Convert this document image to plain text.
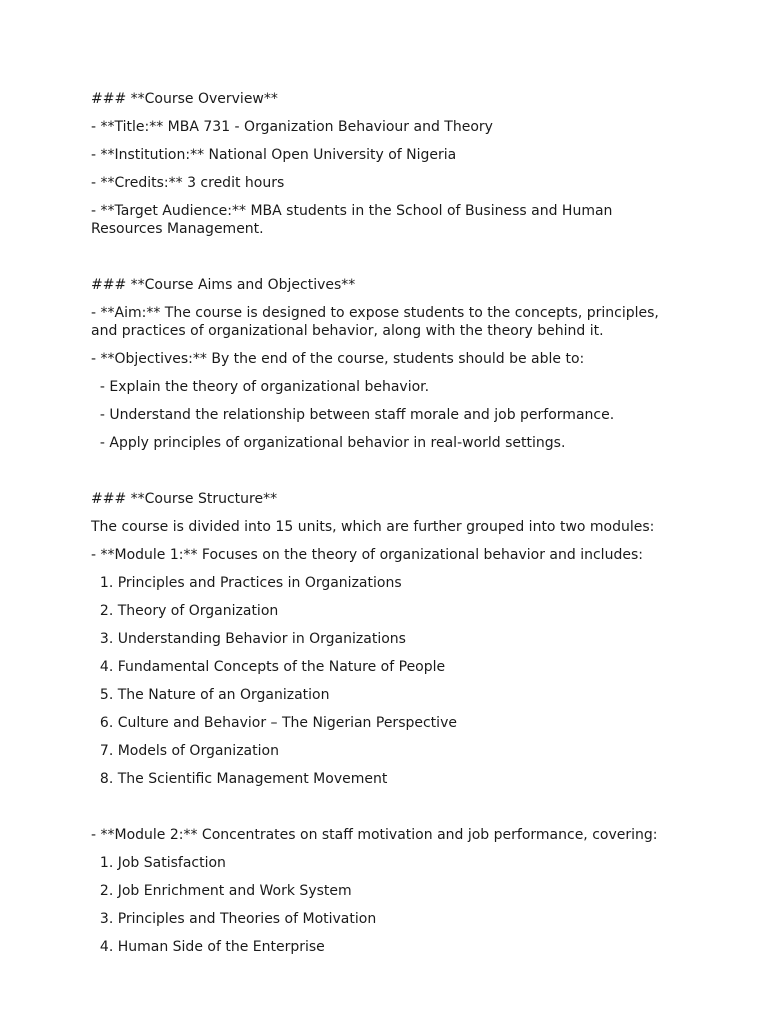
### **Course Overview**

- **Title:** MBA 731 - Organization Behaviour and Theory

- **Institution:** National Open University of Nigeria

- **Credits:** 3 credit hours

- **Target Audience:** MBA students in the School of Business and Human Resources Management.

### **Course Aims and Objectives**

- **Aim:** The course is designed to expose students to the concepts, principles, and practices of organizational behavior, along with the theory behind it.

- **Objectives:** By the end of the course, students should be able to:

- Explain the theory of organizational behavior.

- Understand the relationship between staff morale and job performance.

- Apply principles of organizational behavior in real-world settings.

### **Course Structure**

The course is divided into 15 units, which are further grouped into two modules:

- **Module 1:** Focuses on the theory of organizational behavior and includes:

1. Principles and Practices in Organizations

2. Theory of Organization

3. Understanding Behavior in Organizations

4. Fundamental Concepts of the Nature of People

5. The Nature of an Organization

6. Culture and Behavior – The Nigerian Perspective

7. Models of Organization

8. The Scientific Management Movement

- **Module 2:** Concentrates on staff motivation and job performance, covering:

1. Job Satisfaction

2. Job Enrichment and Work System

3. Principles and Theories of Motivation

4. Human Side of the Enterprise
